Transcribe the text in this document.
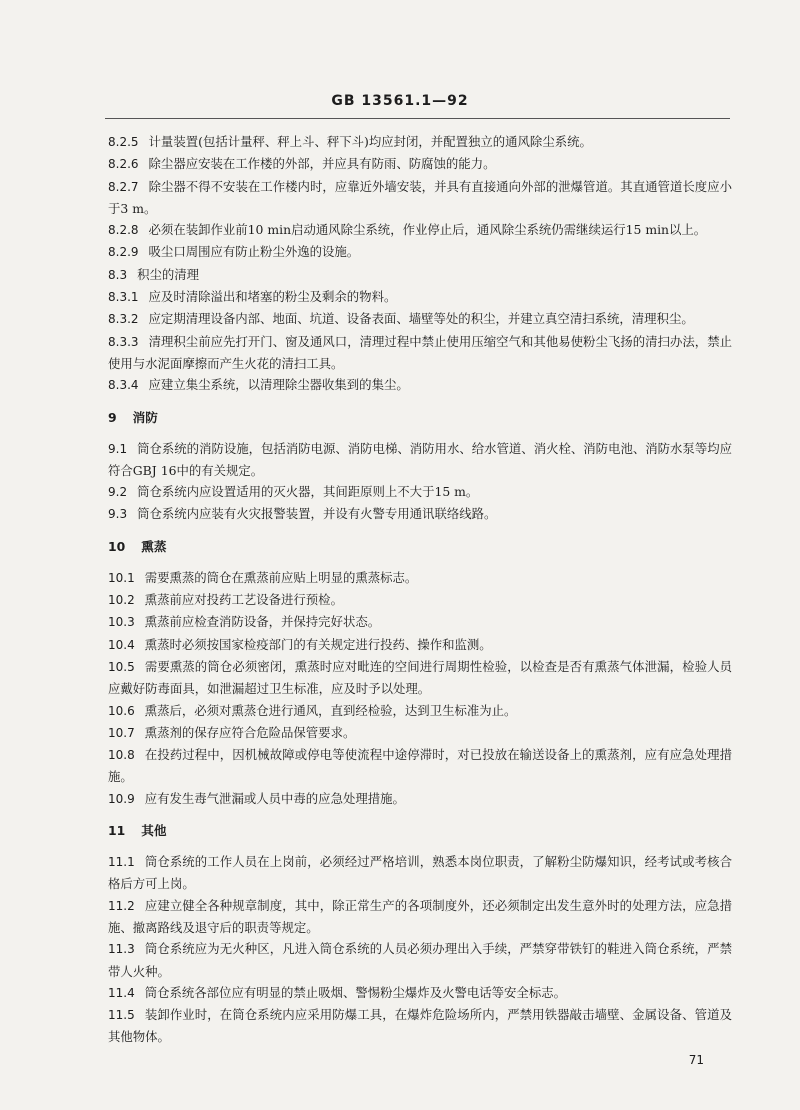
GB 13561.1—92

8.2.5 计量装置(包括计量秤、秤上斗、秤下斗)均应封闭，并配置独立的通风除尘系统。

8.2.6 除尘器应安装在工作楼的外部，并应具有防雨、防腐蚀的能力。

8.2.7 除尘器不得不安装在工作楼内时，应靠近外墙安装，并具有直接通向外部的泄爆管道。其直通管道长度应小于3 m。

8.2.8 必须在装卸作业前10 min启动通风除尘系统，作业停止后，通风除尘系统仍需继续运行15 min以上。

8.2.9 吸尘口周围应有防止粉尘外逸的设施。

8.3 积尘的清理

8.3.1 应及时清除溢出和堵塞的粉尘及剩余的物料。

8.3.2 应定期清理设备内部、地面、坑道、设备表面、墙壁等处的积尘，并建立真空清扫系统，清理积尘。

8.3.3 清理积尘前应先打开门、窗及通风口，清理过程中禁止使用压缩空气和其他易使粉尘飞扬的清扫办法，禁止使用与水泥面摩擦而产生火花的清扫工具。

8.3.4 应建立集尘系统，以清理除尘器收集到的集尘。

9 消防

9.1 筒仓系统的消防设施，包括消防电源、消防电梯、消防用水、给水管道、消火栓、消防电池、消防水泵等均应符合GBJ 16中的有关规定。

9.2 筒仓系统内应设置适用的灭火器，其间距原则上不大于15 m。

9.3 筒仓系统内应装有火灾报警装置，并设有火警专用通讯联络线路。

10 熏蒸

10.1 需要熏蒸的筒仓在熏蒸前应贴上明显的熏蒸标志。

10.2 熏蒸前应对投药工艺设备进行预检。

10.3 熏蒸前应检查消防设备，并保持完好状态。

10.4 熏蒸时必须按国家检疫部门的有关规定进行投药、操作和监测。

10.5 需要熏蒸的筒仓必须密闭，熏蒸时应对毗连的空间进行周期性检验，以检查是否有熏蒸气体泄漏，检验人员应戴好防毒面具，如泄漏超过卫生标准，应及时予以处理。

10.6 熏蒸后，必须对熏蒸仓进行通风，直到经检验，达到卫生标准为止。

10.7 熏蒸剂的保存应符合危险品保管要求。

10.8 在投药过程中，因机械故障或停电等使流程中途停滞时，对已投放在输送设备上的熏蒸剂，应有应急处理措施。

10.9 应有发生毒气泄漏或人员中毒的应急处理措施。

11 其他

11.1 筒仓系统的工作人员在上岗前，必须经过严格培训，熟悉本岗位职责，了解粉尘防爆知识，经考试或考核合格后方可上岗。

11.2 应建立健全各种规章制度，其中，除正常生产的各项制度外，还必须制定出发生意外时的处理方法，应急措施、撤离路线及退守后的职责等规定。

11.3 筒仓系统应为无火种区，凡进入筒仓系统的人员必须办理出入手续，严禁穿带铁钉的鞋进入筒仓系统，严禁带人火种。

11.4 筒仓系统各部位应有明显的禁止吸烟、警惕粉尘爆炸及火警电话等安全标志。

11.5 装卸作业时，在筒仓系统内应采用防爆工具，在爆炸危险场所内，严禁用铁器敲击墙壁、金属设备、管道及其他物体。

71
